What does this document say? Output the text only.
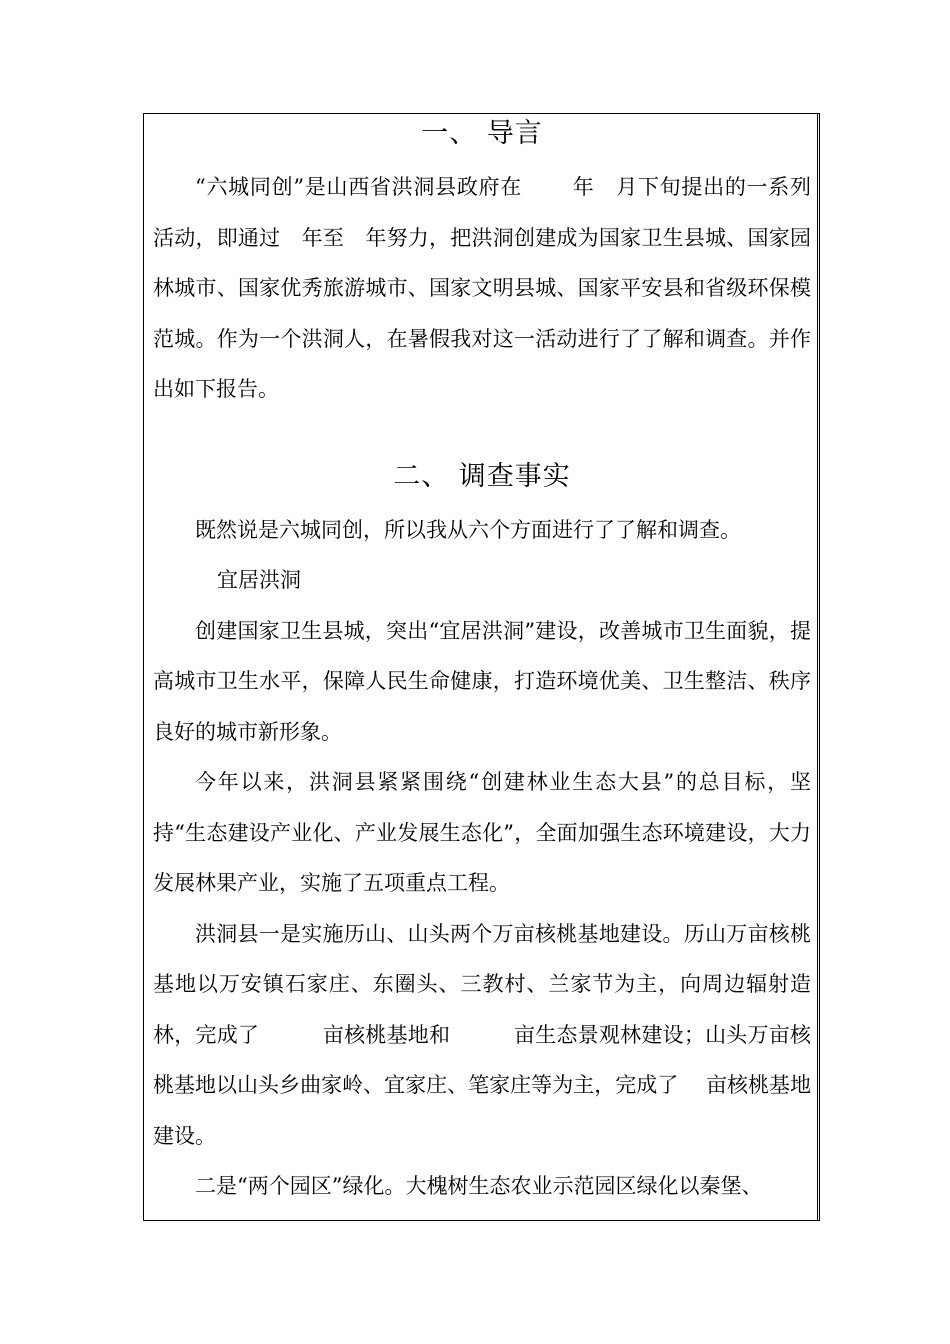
一、 导言

“六城同创”是山西省洪洞县政府在　　 年　月下旬提出的一系列活动，即通过　年至　年努力，把洪洞创建成为国家卫生县城、国家园林城市、国家优秀旅游城市、国家文明县城、国家平安县和省级环保模范城。作为一个洪洞人，在暑假我对这一活动进行了了解和调查。并作出如下报告。

二、 调查事实

既然说是六城同创，所以我从六个方面进行了了解和调查。

宜居洪洞

创建国家卫生县城，突出“宜居洪洞”建设，改善城市卫生面貌，提高城市卫生水平，保障人民生命健康，打造环境优美、卫生整洁、秩序良好的城市新形象。

今年以来，洪洞县紧紧围绕“创建林业生态大县”的总目标，坚持“生态建设产业化、产业发展生态化”，全面加强生态环境建设，大力发展林果产业，实施了五项重点工程。

洪洞县一是实施历山、山头两个万亩核桃基地建设。历山万亩核桃基地以万安镇石家庄、东圈头、三教村、兰家节为主，向周边辐射造林，完成了　　　亩核桃基地和　　　亩生态景观林建设；山头万亩核桃基地以山头乡曲家岭、宜家庄、笔家庄等为主，完成了　 亩核桃基地建设。

二是“两个园区”绿化。大槐树生态农业示范园区绿化以秦堡、
